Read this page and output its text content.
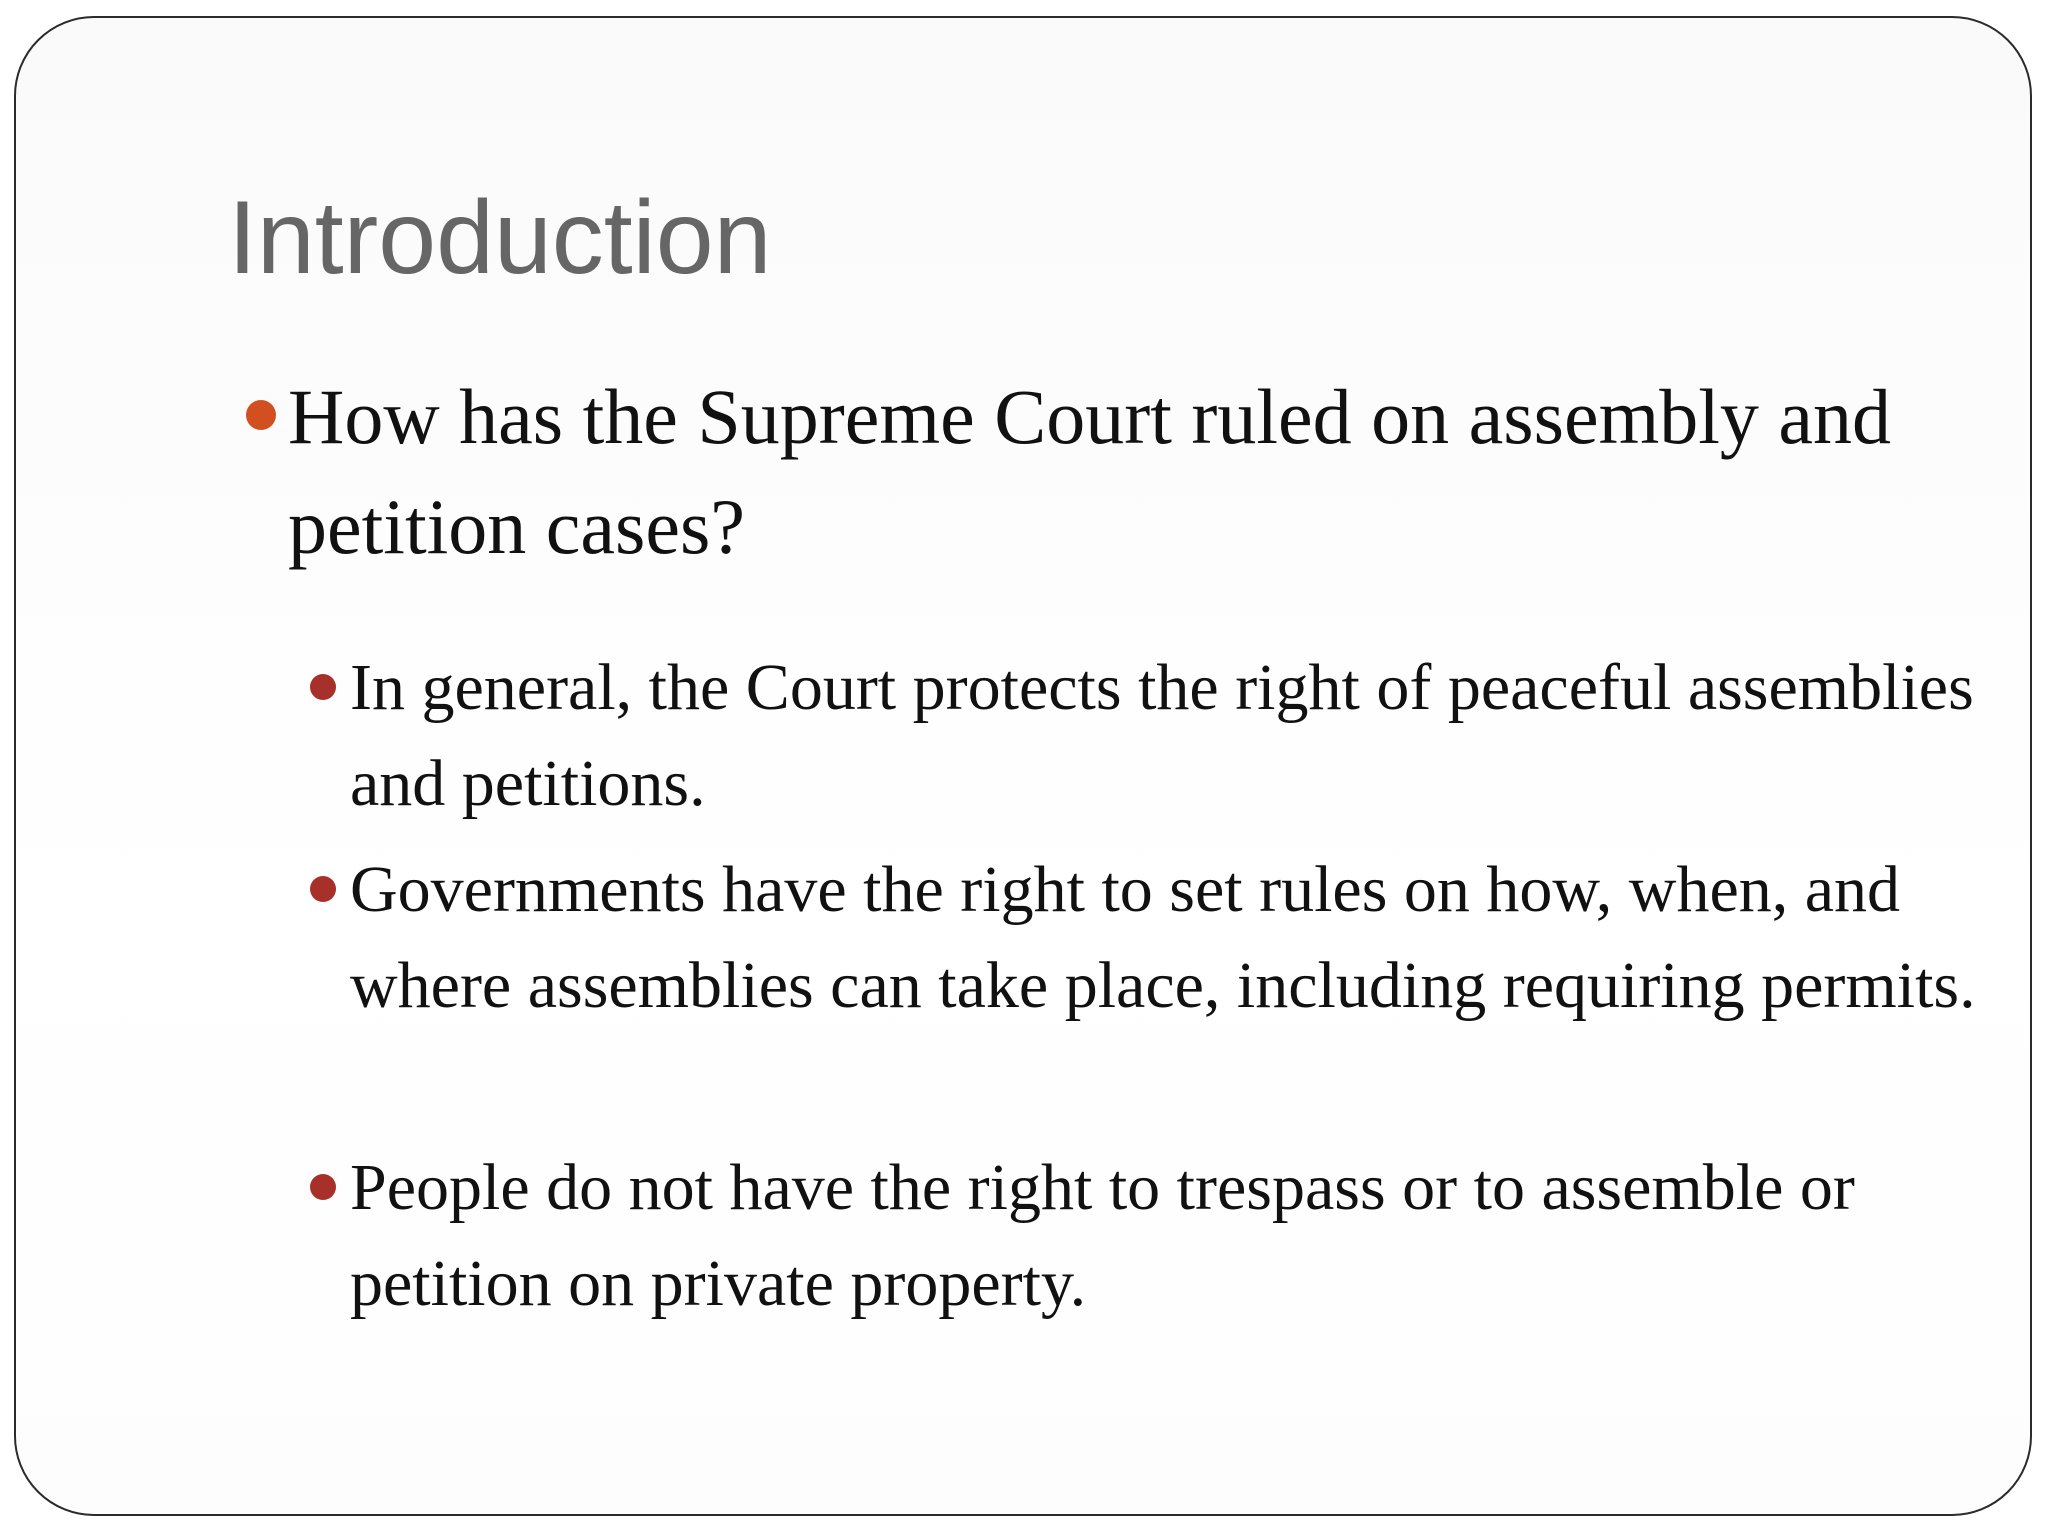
Introduction
How has the Supreme Court ruled on assembly and petition cases?
In general, the Court protects the right of peaceful assemblies and petitions.
Governments have the right to set rules on how, when, and where assemblies can take place, including requiring permits.
People do not have the right to trespass or to assemble or petition on private property.
